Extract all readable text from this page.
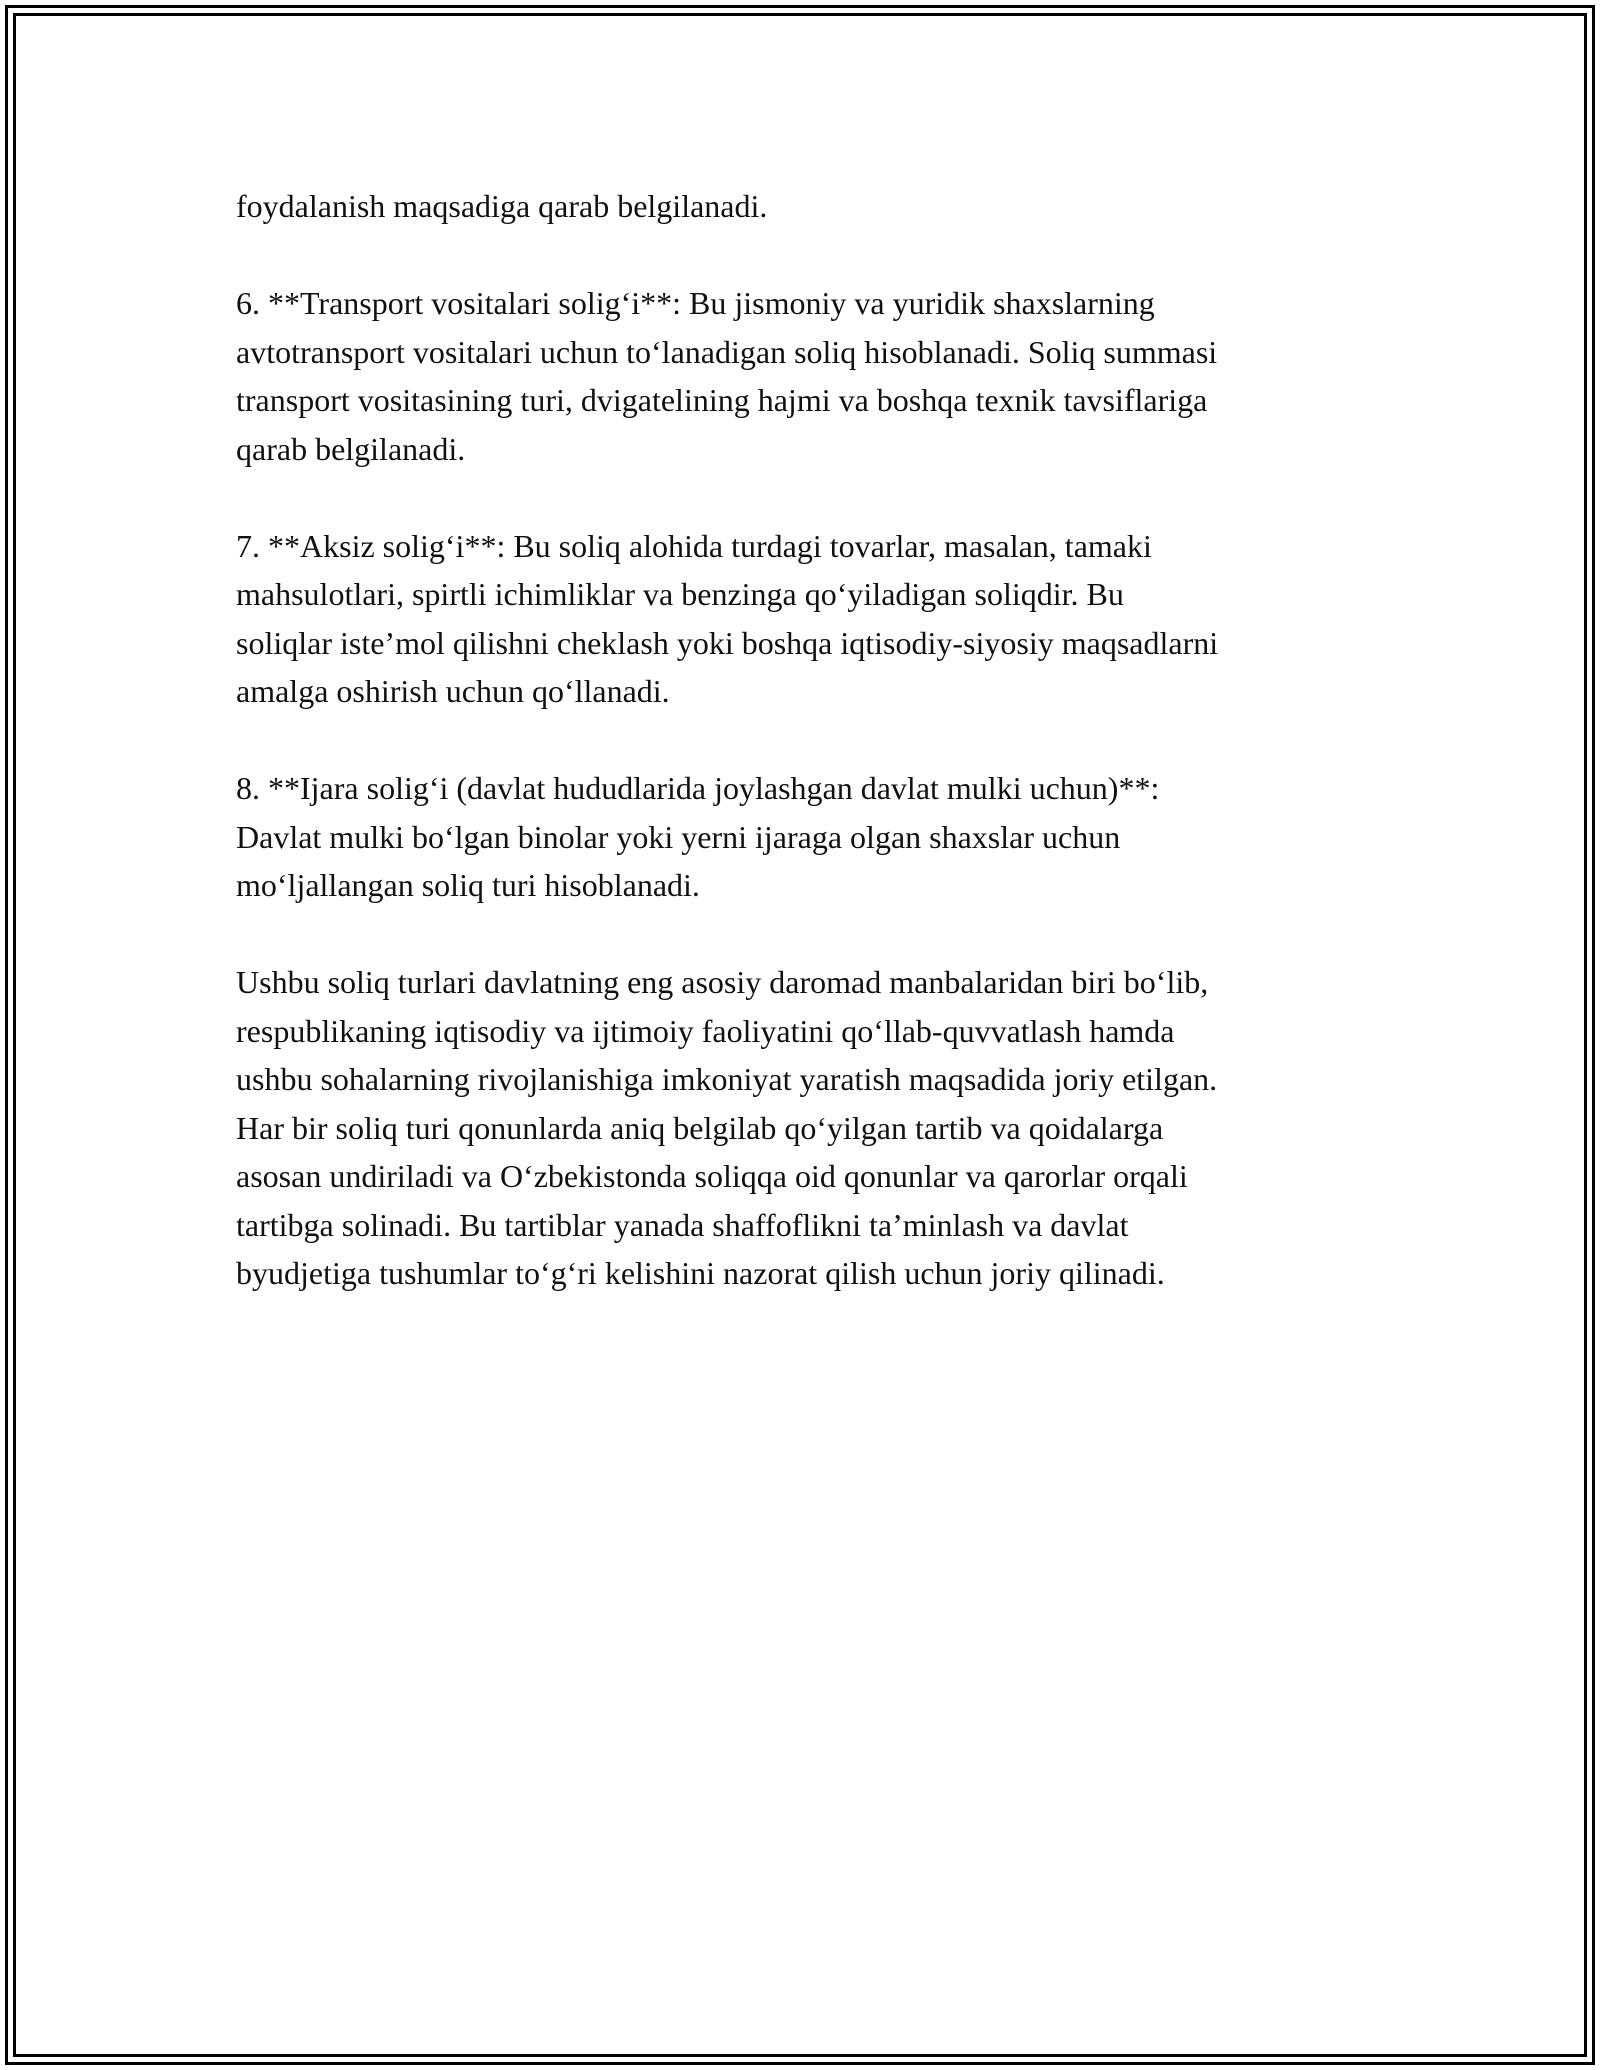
foydalanish maqsadiga qarab belgilanadi.

6. **Transport vositalari solig‘i**: Bu jismoniy va yuridik shaxslarning
avtotransport vositalari uchun to‘lanadigan soliq hisoblanadi. Soliq summasi
transport vositasining turi, dvigatelining hajmi va boshqa texnik tavsiflariga
qarab belgilanadi.

7. **Aksiz solig‘i**: Bu soliq alohida turdagi tovarlar, masalan, tamaki
mahsulotlari, spirtli ichimliklar va benzinga qo‘yiladigan soliqdir. Bu
soliqlar iste’mol qilishni cheklash yoki boshqa iqtisodiy-siyosiy maqsadlarni
amalga oshirish uchun qo‘llanadi.

8. **Ijara solig‘i (davlat hududlarida joylashgan davlat mulki uchun)**:
Davlat mulki bo‘lgan binolar yoki yerni ijaraga olgan shaxslar uchun
mo‘ljallangan soliq turi hisoblanadi.

Ushbu soliq turlari davlatning eng asosiy daromad manbalaridan biri bo‘lib,
respublikaning iqtisodiy va ijtimoiy faoliyatini qo‘llab-quvvatlash hamda
ushbu sohalarning rivojlanishiga imkoniyat yaratish maqsadida joriy etilgan.
Har bir soliq turi qonunlarda aniq belgilab qo‘yilgan tartib va qoidalarga
asosan undiriladi va O‘zbekistonda soliqqa oid qonunlar va qarorlar orqali
tartibga solinadi. Bu tartiblar yanada shaffoflikni ta’minlash va davlat
byudjetiga tushumlar to‘g‘ri kelishini nazorat qilish uchun joriy qilinadi.
